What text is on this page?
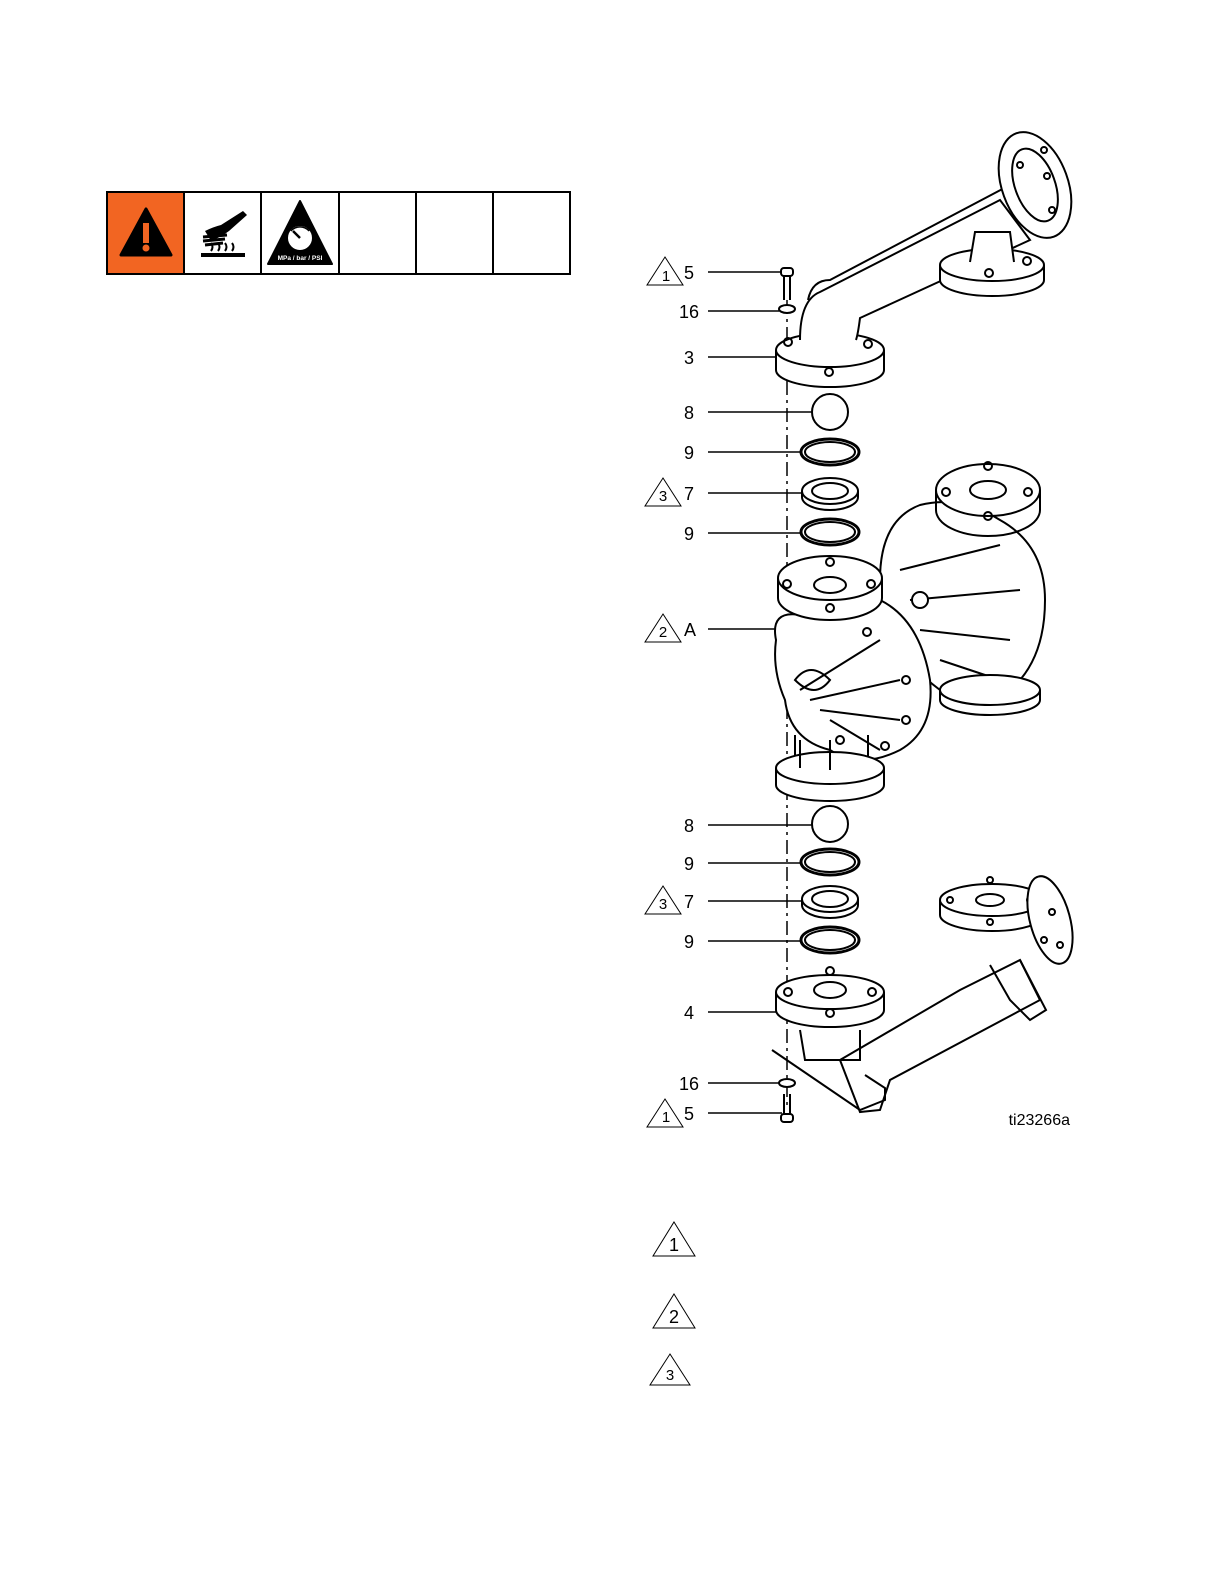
MPa / bar / PSI
1 5
16
3
8
9
3 7
9
2 A
8
9
3 7
9
4
16
1 5	ti23266a
1
2
3
